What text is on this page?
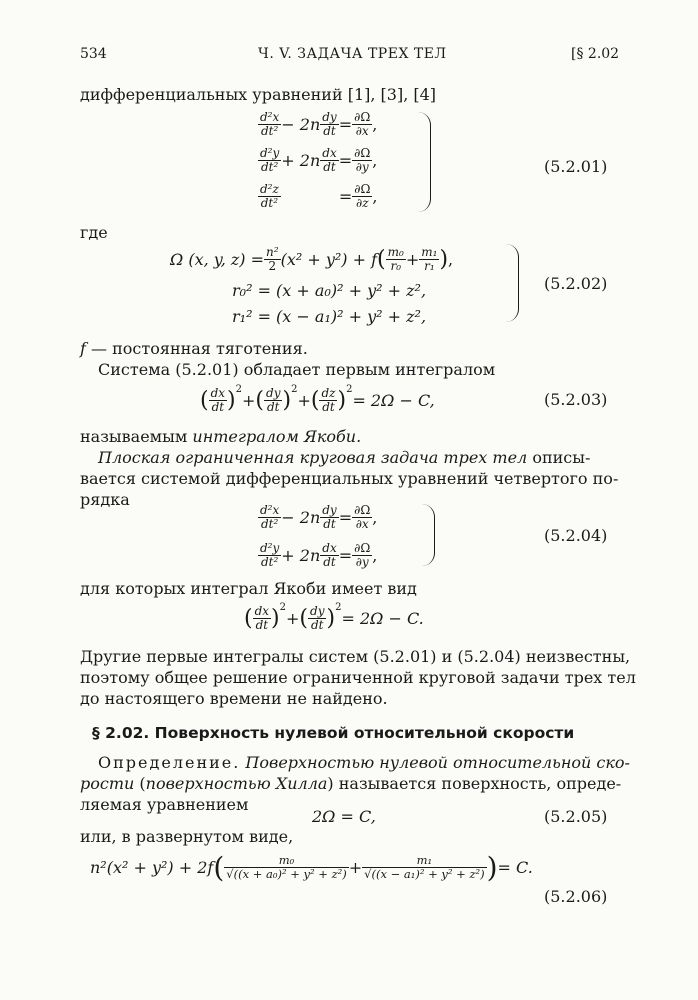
534	Ч. V. ЗАДАЧА ТРЕХ ТЕЛ	[§ 2.02
дифференциальных уравнений [1], [3], [4]
$\frac{\text{d²x}}{\text{dt²}} - 2n \frac{dy}{dt} = \frac{\partial\Omega}{\partial x}$ ,
$\frac{\text{d²y}}{\text{dt²}} + 2n \frac{dx}{dt} = \frac{\partial\Omega}{\partial y}$ ,
$\frac{\text{d²z}}{\text{dt²}}$	= $\frac{\partial\Omega}{\partial z}$ ,
(5.2.01)
где
Ω (x, y, $z) = \frac{\text{n²}}{2} (x^2 + y^2) + f$ ( $\frac{\text{m₀}}{\text{r₀}} + \frac{\text{m₁}}{\text{r₁}}$ ) ,
r₀² = (x + a₀)² + y² + z²,
r₁² = (x − a₁)² + y² + z²,
(5.2.02)
f — постоянная тяготения.
Система (5.2.01) обладает первым интегралом
( $\frac{dx}{dt} )^2$
+ ( $\frac{dy}{dt} )^2$
+ ( $\frac{dz}{dt} )^2$
= 2Ω − C,	(5.2.03)
называемым интегралом Якоби.
Плоская ограниченная круговая задача трех тел описы-
вается системой дифференциальных уравнений четвертого по-
рядка
$\frac{\text{d²x}}{\text{dt²}} - 2n \frac{dy}{dt} = \frac{\partial\Omega}{\partial x}$ ,
$\frac{\text{d²y}}{\text{dt²}} + 2n \frac{dx}{dt} = \frac{\partial\Omega}{\partial y}$ ,
(5.2.04)
для которых интеграл Якоби имеет вид
( $\frac{dx}{dt} )^2$
+ ( $\frac{dy}{dt} )^2$
= 2Ω − C.
Другие первые интегралы систем (5.2.01) и (5.2.04) неизвестны,
поэтому общее решение ограниченной круговой задачи трех тел
до настоящего времени не найдено.
§ 2.02. Поверхность нулевой относительной скорости
Определение. Поверхностью нулевой относительной ско-
рости (поверхностью Хилла) называется поверхность, опреде-
ляемая уравнением
2Ω = C,	(5.2.05)
или, в развернутом виде,
n²(x² + y²) + 2f ( $\frac{\text{m₀}}{\text{√((x + a₀)² + y² + z²)}} + \frac{\text{m₁}}{\text{√((x − a₁)² + y² + z²)}}$ ) = C.
(5.2.06)
